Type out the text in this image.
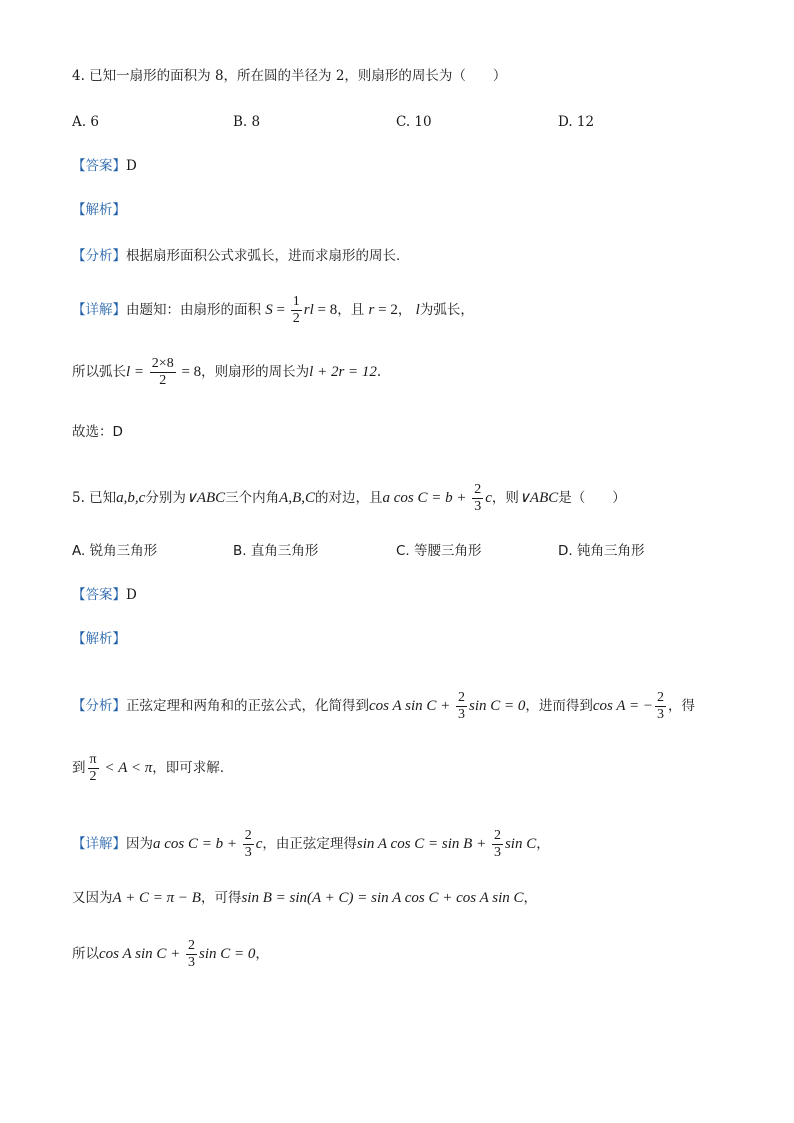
4. 已知一扇形的面积为 8，所在圆的半径为 2，则扇形的周长为（　　）
A. 6	B. 8	C. 10	D. 12
【答案】D
【解析】
【分析】根据扇形面积公式求弧长，进而求扇形的周长.
【详解】由题知：由扇形的面积 $S = \frac{1}{2}$ rl = 8，且 r = 2， l为弧长，
所以弧长$l = \frac{2\times 8}{2} = 8$，则扇形的周长为l + 2r = 12.
故选：D
5. 已知a,b,c分别为∨ABC三个内角A,B,C的对边，且a $\cos C = b + \frac{2}{3}$ c，则∨ABC是（　　）
A. 锐角三角形	B. 直角三角形	C. 等腰三角形	D. 钝角三角形
【答案】D
【解析】
【分析】正弦定理和两角和的正弦公式，化简得到cos A $\sin C + \frac{2}{3}$ sin C = 0，进而得到cos A = − $\frac{2}{3}$ ，得
到 $\frac{\pi}{2} < A < \pi$，即可求解.
【详解】因为a $\cos C = b + \frac{2}{3}$ c，由正弦定理得sin A $\cos C = \sin B + \frac{2}{3}$ sin C，
又因为A + C = π − B，可得sin B = sin(A + C) = sin A cos C + cos A sin C，
所以cos A $\sin C + \frac{2}{3}$ sin C = 0，
